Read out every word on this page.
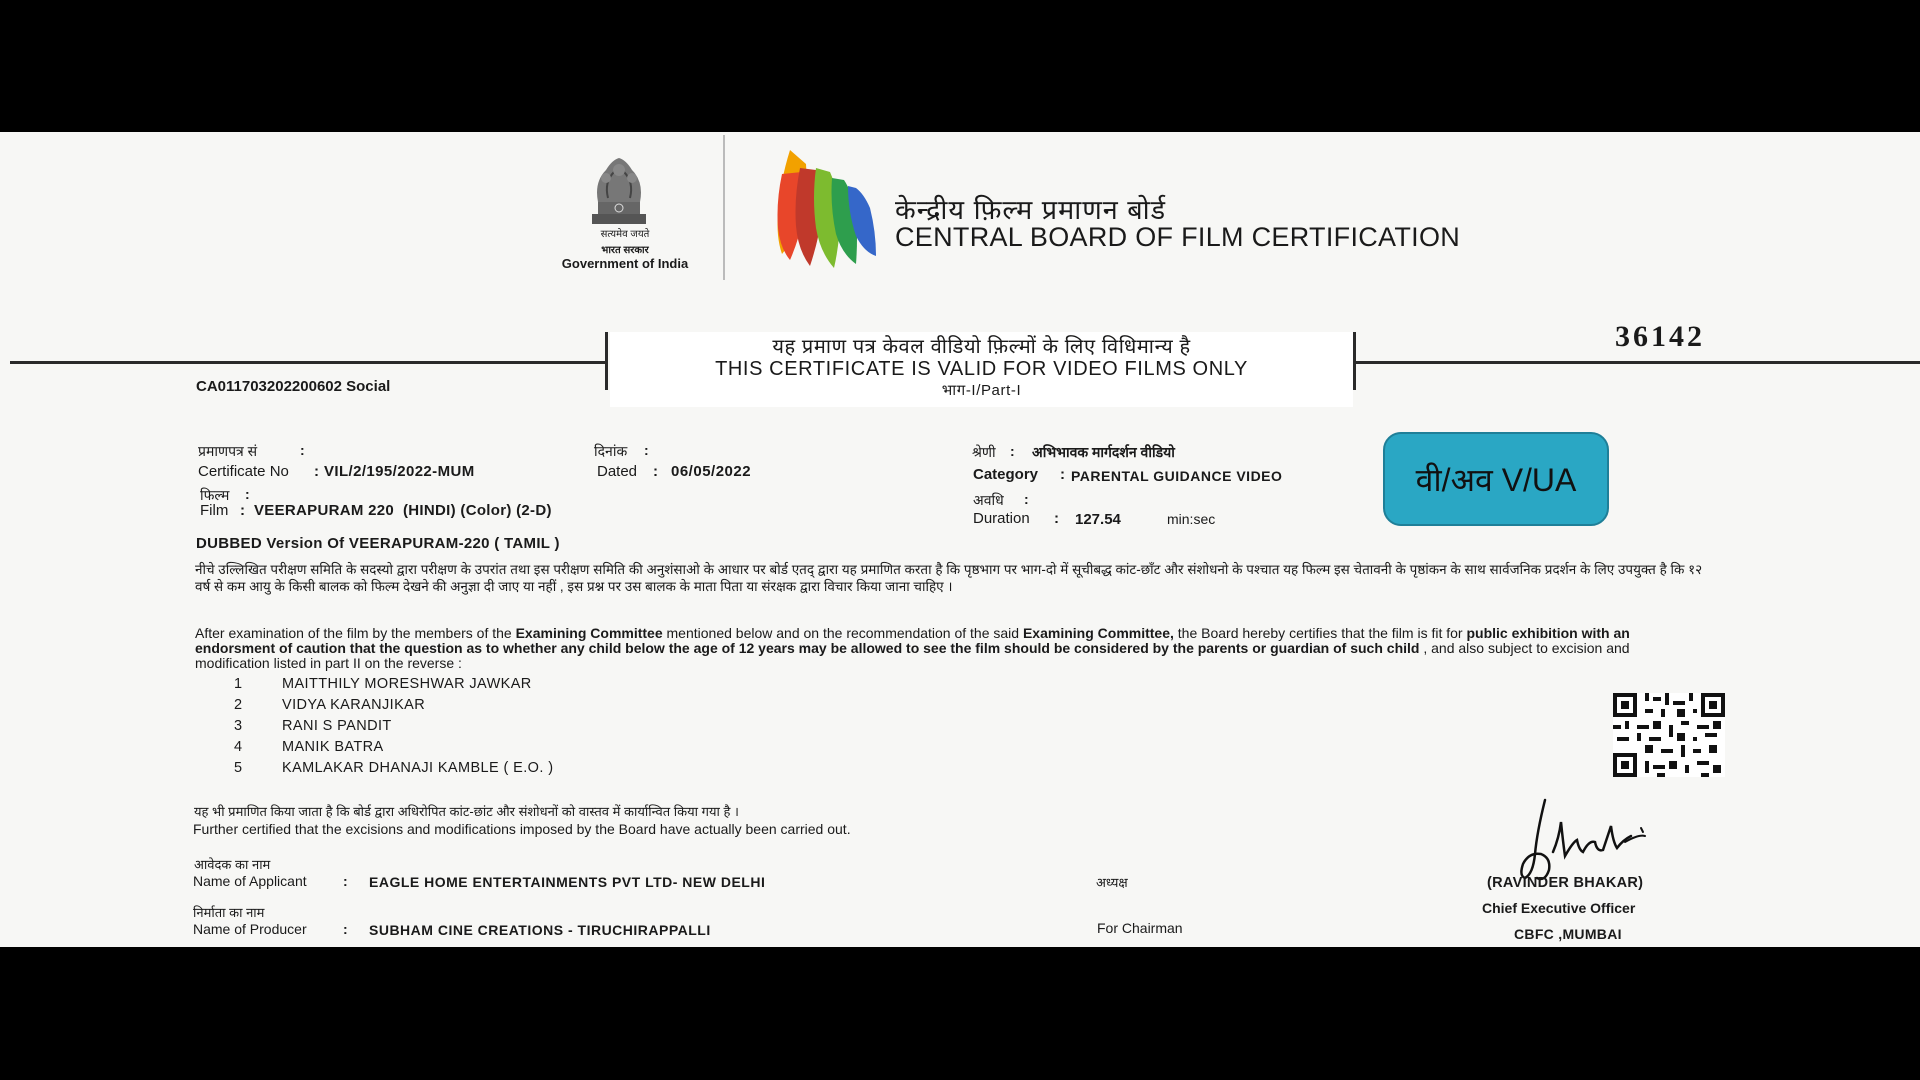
सत्यमेव जयते
भारत सरकार
Government of India
केन्द्रीय फ़िल्म प्रमाणन बोर्ड
CENTRAL BOARD OF FILM CERTIFICATION
यह प्रमाण पत्र केवल वीडियो फ़िल्मों के लिए विधिमान्य है
THIS CERTIFICATE IS VALID FOR VIDEO FILMS ONLY
भाग-I/Part-I
36142
CA011703202200602 Social
प्रमाणपत्र सं	:
Certificate No : VIL/2/195/2022-MUM
दिनांक :
Dated : 06/05/2022
फिल्म :
Film : VEERAPURAM 220  (HINDI) (Color) (2-D)
श्रेणी : अभिभावक मार्गदर्शन वीडियो
Category : PARENTAL GUIDANCE VIDEO
अवधि :
Duration : 127.54	min:sec
वी/अव V/UA
DUBBED Version Of VEERAPURAM-220 ( TAMIL )
नीचे उल्लिखित परीक्षण समिति के सदस्यो द्वारा परीक्षण के उपरांत तथा इस परीक्षण समिति की अनुशंसाओ के आधार पर बोर्ड एतद् द्वारा यह प्रमाणित करता है कि पृष्ठभाग पर भाग-दो में सूचीबद्ध कांट-छाँट और संशोधनो के पश्चात यह फिल्म इस चेतावनी के पृष्ठांकन के साथ सार्वजनिक प्रदर्शन के लिए उपयुक्त है कि १२ वर्ष से कम आयु के किसी बालक को फिल्म देखने की अनुज्ञा दी जाए या नहीं , इस प्रश्न पर उस बालक के माता पिता या संरक्षक द्वारा विचार किया जाना चाहिए ।
After examination of the film by the members of the Examining Committee mentioned below and on the recommendation of the said Examining Committee, the Board hereby certifies that the film is fit for public exhibition with an endorsment of caution that the question as to whether any child below the age of 12 years may be allowed to see the film should be considered by the parents or guardian of such child , and also subject to excision and modification listed in part II on the reverse :
1	MAITTHILY MORESHWAR JAWKAR
2	VIDYA KARANJIKAR
3	RANI S PANDIT
4	MANIK BATRA
5	KAMLAKAR DHANAJI KAMBLE ( E.O. )
यह भी प्रमाणित किया जाता है कि बोर्ड द्वारा अधिरोपित कांट-छांट और संशोधनों को वास्तव में कार्यान्वित किया गया है ।
Further certified that the excisions and modifications imposed by the Board have actually been carried out.
आवेदक का नाम
Name of Applicant	: EAGLE HOME ENTERTAINMENTS PVT LTD- NEW DELHI
निर्माता का नाम
Name of Producer	: SUBHAM CINE CREATIONS - TIRUCHIRAPPALLI
अध्यक्ष
For Chairman
(RAVINDER BHAKAR)
Chief Executive Officer
CBFC ,MUMBAI
